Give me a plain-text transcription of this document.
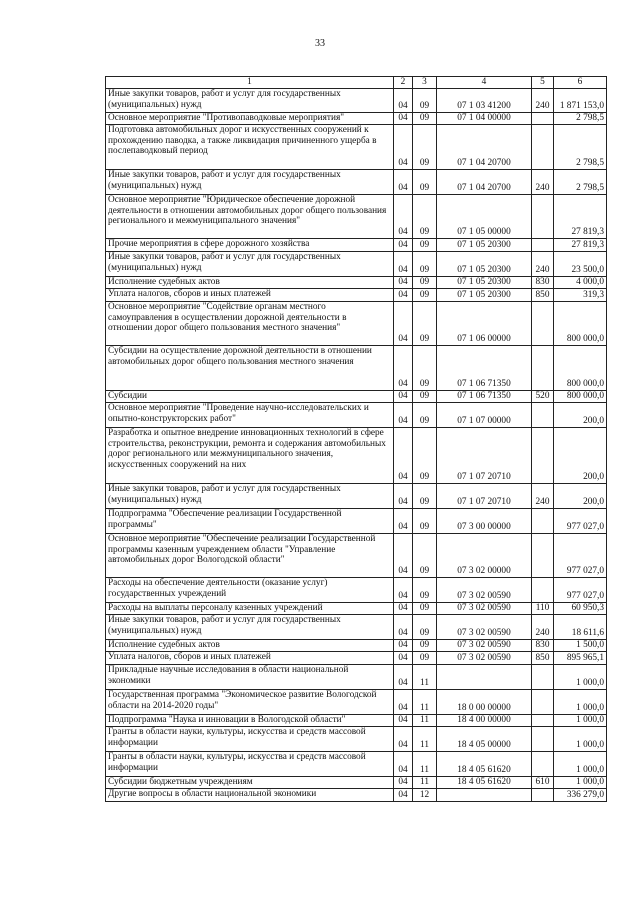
33
1	2	3	4	5	6
Иные закупки товаров, работ и услуг для государственных (муниципальных) нужд	04	09	07 1 03 41200	240	1 871 153,0
Основное мероприятие "Противопаводковые мероприятия"	04	09	07 1 04 00000		2 798,5
Подготовка автомобильных дорог и искусственных сооружений к прохождению паводка, а также ликвидация причиненного ущерба в послепаводковый период	04	09	07 1 04 20700		2 798,5
Иные закупки товаров, работ и услуг для государственных (муниципальных) нужд	04	09	07 1 04 20700	240	2 798,5
Основное мероприятие "Юридическое обеспечение дорожной деятельности в отношении автомобильных дорог общего пользования регионального и межмуниципального значения"	04	09	07 1 05 00000		27 819,3
Прочие мероприятия в сфере дорожного хозяйства	04	09	07 1 05 20300		27 819,3
Иные закупки товаров, работ и услуг для государственных (муниципальных) нужд	04	09	07 1 05 20300	240	23 500,0
Исполнение судебных актов	04	09	07 1 05 20300	830	4 000,0
Уплата налогов, сборов и иных платежей	04	09	07 1 05 20300	850	319,3
Основное мероприятие "Содействие органам местного самоуправления в осуществлении дорожной деятельности в отношении дорог общего пользования местного значения"	04	09	07 1 06 00000		800 000,0
Субсидии на осуществление дорожной деятельности в отношении автомобильных дорог общего пользования местного значения	04	09	07 1 06 71350		800 000,0
Субсидии	04	09	07 1 06 71350	520	800 000,0
Основное мероприятие "Проведение научно-исследовательских и опытно-конструкторских работ"	04	09	07 1 07 00000		200,0
Разработка и опытное внедрение инновационных технологий в сфере строительства, реконструкции, ремонта и содержания автомобильных дорог регионального или межмуниципального значения, искусственных сооружений на них	04	09	07 1 07 20710		200,0
Иные закупки товаров, работ и услуг для государственных (муниципальных) нужд	04	09	07 1 07 20710	240	200,0
Подпрограмма "Обеспечение реализации Государственной программы"	04	09	07 3 00 00000		977 027,0
Основное мероприятие "Обеспечение реализации Государственной программы казенным учреждением области "Управление автомобильных дорог Вологодской области"	04	09	07 3 02 00000		977 027,0
Расходы на обеспечение деятельности (оказание услуг) государственных учреждений	04	09	07 3 02 00590		977 027,0
Расходы на выплаты персоналу казенных учреждений	04	09	07 3 02 00590	110	60 950,3
Иные закупки товаров, работ и услуг для государственных (муниципальных) нужд	04	09	07 3 02 00590	240	18 611,6
Исполнение судебных актов	04	09	07 3 02 00590	830	1 500,0
Уплата налогов, сборов и иных платежей	04	09	07 3 02 00590	850	895 965,1
Прикладные научные исследования в области национальной экономики	04	11			1 000,0
Государственная программа "Экономическое развитие Вологодской области на 2014-2020 годы"	04	11	18 0 00 00000		1 000,0
Подпрограмма "Наука и инновации в Вологодской области"	04	11	18 4 00 00000		1 000,0
Гранты в области науки, культуры, искусства и средств массовой информации	04	11	18 4 05 00000		1 000,0
Гранты в области науки, культуры, искусства и средств массовой информации	04	11	18 4 05 61620		1 000,0
Субсидии бюджетным учреждениям	04	11	18 4 05 61620	610	1 000,0
Другие вопросы в области национальной экономики	04	12			336 279,0
